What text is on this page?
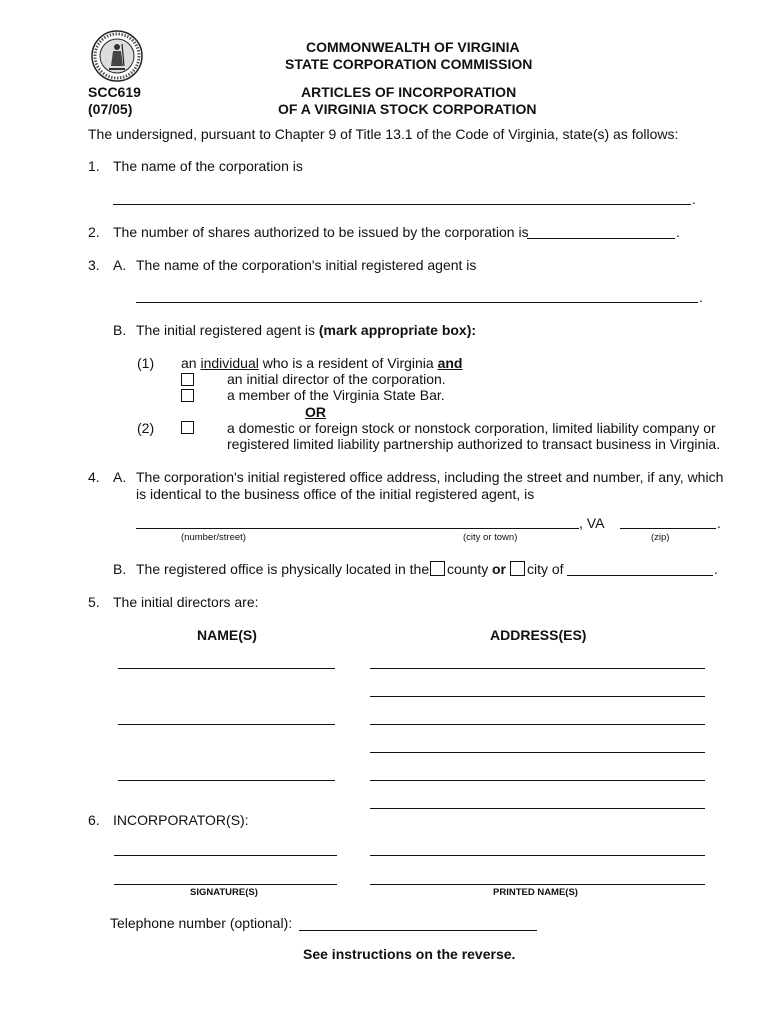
COMMONWEALTH OF VIRGINIA
STATE CORPORATION COMMISSION
SCC619
(07/05)
ARTICLES OF INCORPORATION
OF A VIRGINIA STOCK CORPORATION
The undersigned, pursuant to Chapter 9 of Title 13.1 of the Code of Virginia, state(s) as follows:
1. The name of the corporation is
.
2. The number of shares authorized to be issued by the corporation is	.
3. A. The name of the corporation's initial registered agent is
.
B. The initial registered agent is (mark appropriate box):
(1) an individual who is a resident of Virginia and
an initial director of the corporation.
a member of the Virginia State Bar.
OR
(2)	a domestic or foreign stock or nonstock corporation, limited liability company or
registered limited liability partnership authorized to transact business in Virginia.
4. A. The corporation's initial registered office address, including the street and number, if any, which
is identical to the business office of the initial registered agent, is
, VA	.
(number/street)	(city or town)	(zip)
B. The registered office is physically located in the county or city of	.
5. The initial directors are:
NAME(S)	ADDRESS(ES)
6. INCORPORATOR(S):
SIGNATURE(S)	PRINTED NAME(S)
Telephone number (optional):
See instructions on the reverse.
